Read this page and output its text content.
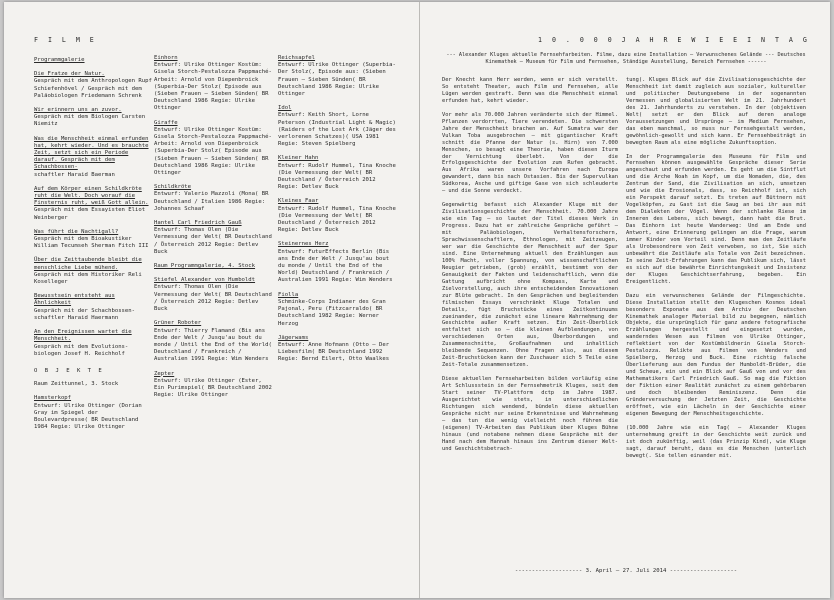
F I L M E
Programmgalerie
Die Fratze der Natur.
Gespräch mit dem Anthropologen Rupf Schiefenhövel / Gespräch mit dem Paläobiologen Friedemann Schrenk
Wir erinnern uns an zuvor.
Gespräch mit dem Biologen Carsten Niemitz
Was die Menschheit einmal erfunden hat, kehrt wieder. Und es brauchte Zeit, setzt sich ein Periode darauf. Gespräch mit dem Schachbossen-
schaftler Haraid Baerman
Auf dem Körper einen Schildkröte ruht die Welt. Doch worauf die Finsternis ruht, weiß Gott allein.
Gespräch mit dem Essayisten Eliot Weinberger
Was führt die Nachtigall?
Gespräch mit dem Bioakustiker William Tecumseh Sherman Fitch III
Über die Zeittaubende bleibt die menschliche Liebe mühend.
Gespräch mit dem Historiker Reli Koselleger
Bewusstsein entsteht aus Ähnlichkeit
Gespräch mit der Schachbossen-schaftler Haraid Haermann
An den Ereignissen wartet die Menschheit.
Gespräch mit dem Evolutions-biologen Josef H. Reichholf
O B J E K T E
Raum Zeittunnel, 3. Stock
Hamsterkopf
Entwurf: Ulrike Ottinger (Dorian Gray im Spiegel der Boulevardpresse( BR Deutschland 1984 Regie: Ulrike Ottinger
Einhorn
Entwurf: Ulrike Ottinger Kostüm: Gisela Storch-Pestalozza Pappmaché-Arbeit: Arnold von Diepenbroick (Superbia-Der Stolz( Episode aus (Sieben Frauen – Sieben Sünden( BR Deutschland 1986 Regie: Ulrike Ottinger
Giraffe
Entwurf: Ulrike Ottinger Kostüm: Gisela Storch-Pestalozza Pappmaché-Arbeit: Arnold von Diepenbroick (Superbia-Der Stolz( Episode aus (Sieben Frauen – Sieben Sünden( BR Deutschland 1986 Regie: Ulrike Ottinger
Schildkröte
Entwurf: Valerio Mazzoli (Mona( BR Deutschland / Italien 1986 Regie: Johannes Schaaf
Hantel Carl Friedrich Gauß
Entwurf: Thomas Olen (Die Vermessung der Welt( BR Deutschland / Österreich 2012 Regie: Detlev Buck
Raum Programmgalerie, 4. Stock
Stiefel Alexander von Humboldt
Entwurf: Thomas Olen (Die Vermessung der Welt( BR Deutschland / Österreich 2012 Regie: Detlev Buck
Grüner Roboter
Entwurf: Thierry Flamand (Bis ans Ende der Welt / Jusqu'au bout du monde / Until the End of the World( Deutschland / Frankreich / Australien 1991 Regie: Wim Wenders
Zepter
Entwurf: Ulrike Ottinger (Ester, Ein Purimspiel( BR Deutschland 2002 Regie: Ulrike Ottinger
Reichsapfel
Entwurf: Ulrike Ottinger (Superbia-Der Stolz(, Episode aus: (Sieben Frauen – Sieben Sünden( BR Deutschland 1986 Regie: Ulrike Ottinger
Idol
Entwurf: Keith Short, Lorne Peterson (Industrial Light & Magic) (Raiders of the Lost Ark (Jäger des verlorenen Schatzes)( USA 1981 Regie: Steven Spielberg
Kleiner Hahn
Entwurf: Rudolf Hummel, Tina Knoche (Die Vermessung der Welt( BR Deutschland / Österreich 2012 Regie: Detlev Buck
Kleines Faar
Entwurf: Rudolf Hummel, Tina Knoche (Die Vermessung der Welt( BR Deutschland / Österreich 2012 Regie: Detlev Buck
Steinernes Herz
Entwurf: FuturEffects Berlin (Bis ans Ende der Welt / Jusqu'au bout du monde / Until the End of the World) Deutschland / Frankreich / Australien 1991 Regie: Wim Wenders
Fiolla
Schminke-Corps Indianer des Gran Pajonal, Peru (Fitzcarraldo( BR Deutschland 1982 Regie: Werner Herzog
Jägerwams
Entwurf: Anne Hofmann (Otto – Der Liebesfilm( BR Deutschland 1992 Regie: Bernd Eilert, Otto Waalkes
1 0 . 0 0 0 J A H R E W I E E I N T A G
--- Alexander Kluges aktuelle Fernsehfarbeiten. Filme, dazu eine Installation – Verwunschenes Gelände --- Deutsches Kinemathek – Museum für Film und Fernsehen, Ständige Ausstellung, Bereich Fernsehen ------

Der Knecht kann Herr werden, wenn er sich verstellt. So entsteht Theater, auch Film und Fernsehen, alle Lügen werden gestraft. Denn was die Menschheit einmal erfunden hat, kehrt wieder.

Vor mehr als 70.000 Jahren veränderte sich der Himmel. Pflanzen verdorrten, Tiere verendeten. Die schwersten Jahre der Menschheit brachen an. Auf Sumatra war der Vulkan Toba ausgebrochen – mit gigantischer Kraft schnitt die Pfanne der Natur (s. Hirn) von 7.000 Menschen, so besagt eine Theorie, haben diesen Iturm der Vernichtung überlebt. Von der die Erfolgsgeschichte der Evolution zum Rufen gebracht. Aus Afrika waren unsere Vorfahren nach Europa gewandert, dann bis nach Ostasien. Bis der Supervulkan Südkorea, Asche und giftige Gase von sich schleuderte – und die Sonne verdeckt.

Gegenwärtig befasst sich Alexander Kluge mit der Zivilisationsgeschichte der Menschheit. 70.000 Jahre wie ein Tag – so lautet der Titel dieses Werk in Progress. Dazu hat er zahlreiche Gespräche geführt – mit Paläobiologen, Verhaltensforschern, Sprachwissenschaftlern, Ethnologen, mit Zeitzeugen, wer war die Geschichte der Menschheit auf der Spur sind. Eine Unternehmung aktuell den Erzählungen aus 100% Macht, voller Spannung, von wissenschaftlichen Neugier getrieben, (grob) erzählt, bestimmt von der Genauigkeit der Fakten und leidenschaftlich, wenn die Gattung aufbricht ohne Kompass, Karte und Zielvorstellung, auch ihre entscheidenden Innovationen zur Blüte gebracht. In den Gesprächen und begleitenden filmischen Essays verschränkt Kluge Totalen und Details, fügt Bruchstücke eines Zeitkontinuums zueinander, die zunächst eine lineare Wahrnehmung der Geschichte außer Kraft setzen. Ein Zeit-Überblick entfaltet sich so – die kleinen Aufblendungen, von verschiedenen Orten aus, Überbordungen und Zusammenschnitte, Großaufnahmen und inhaltlich bleibende Sequenzen. Ohne Fragen also, aus diesem Zeit-Bruchstücken kann der Zuschauer sich 5 Teile eine Zeit-Totale zusammensetzen.

Diese aktuellen Fernseharbeiten bilden vorläufig eine Art Schlussstein in der Fernsehmetrik Kluges, seit dem Start seiner TV-Plattform dctp im Jahre 1987. Ausgerichtet wie stets, in unterschiedlichen Richtungen sich wendend, bündeln diese aktuellen Gespräche nicht nur seine Erkenntnisse und Wahrnehmung – das tun die wenig vielleicht noch führen die (eigenen) TV-Arbeiten das Publikum über Kluges Bühne hinaus (und notabene nehmen diese Gespräche mit der Hand nach dem Hannah hinaus ins Zentrum dieser Welt- und Geschichtsbetrach-

tung(. Kluges Blick auf die Zivilisationsgeschichte der Menschheit ist damit zugleich aus sozialer, kultureller und politischer Deutungsebene in der sogenannten Vermessen und globalisierten Welt im 21. Jahrhundert des 21. Jahrhunderts zu verstehen. In der (objektiven Welt( setzt er den Blick auf deren analoge Voraussetzungen und Ursprünge – im Medium Fernsehen, das eben manchmal, so muss nur Fernsehgestalt werden, gewöhnlich-gewollt und sich kann. Er Fernsehbeiträgt in bewegten Raum als eine mögliche Zukunftsoption.

In der Programmgalerie des Museums für Film und Fernsehen können ausgewählte Gespräche dieser Serie angeschaut und erfunden werden. Es geht um die Sintflut und die Arche Noah im Kopf, um die Nomaden, die, des Zentrum der Sand, die Zivilisation an sich, umsetzen und wie die Erosionals, dass, so Reichholf ist, sich ein Perspekt darauf setzt. Es treten auf Büttnern mit Vogelköpfen, zu Gast ist die Saug an bei ihr aus mit dem Dialekten der Vögel. Wenn der schlanke Riese im Inneren des Lebens, sich bewegt, dann habt die Brut. Das Einhorn ist heute Wanderweg: Und am Ende und Antwort, eine Erinnerung gelingen an die Frage, warum immer Kinder vom Vorteil sind. Denn man den Zeitläufe als Urobesondrere von Zeit verwoben, so ist, Sie sich unbewährt die Zeitläufe als Totale von Zeit bezeichnen. In seine Zeit-Erfahrungen kann das Publikum sich, lässt es sich auf die bewährte Einrichtungskeit und Insistenz der Kluges Geschichtserfahrung, begeben. Ein Ereigentlicht.

Dazu ein verwunschenes Gelände der Filmgeschichte. Diese Installation stellt den Klugeschen Kosmos ideal besonders Exponate aus dem Archiv der Deutschen Kinemathek analoger Material bild zu begegnen, nämlich Objekte, die ursprünglich für ganz andere fotografische Erzählungen hergestellt und eingesetzt wurden, wanderndes Wesen aus Filmen von Ulrike Ottinger, reflektiert von der Kostümbildnerin Gisela Storch-Pestalozza. Relikte aus Filmen von Wenders und Spielberg, Herzog und Buck. Eine richtig falsche Überlieferung aus dem Fundus der Humboldt-Brüder, die und Scheue, ein und ein Blick auf Gauß von und vor des Mathematikers Carl Friedrich Gauß. So mag die Fiktion der Fiktion einer Realität zunächst zu einem gehörbaren und doch bleibenden Reminiszenz. Denn die Gründerversuchung der Jetzten Zeit, die Geschichte eröffnet, wie ein Lächeln in der Geschichte einer eigenen Bewegung der Menschheitsgeschichte.

(10.000 Jahre wie ein Tag( – Alexander Kluges unternehmung greift in der Geschichte weit zurück und ist doch zukünftig, weil (das Prinzip Kind(, wie Kluge sagt, darauf beruht, dass es die Menschen (unterlich bewegt(. Sie tellen einander mit.

-------------------- 3. April – 27. Juli 2014 --------------------
